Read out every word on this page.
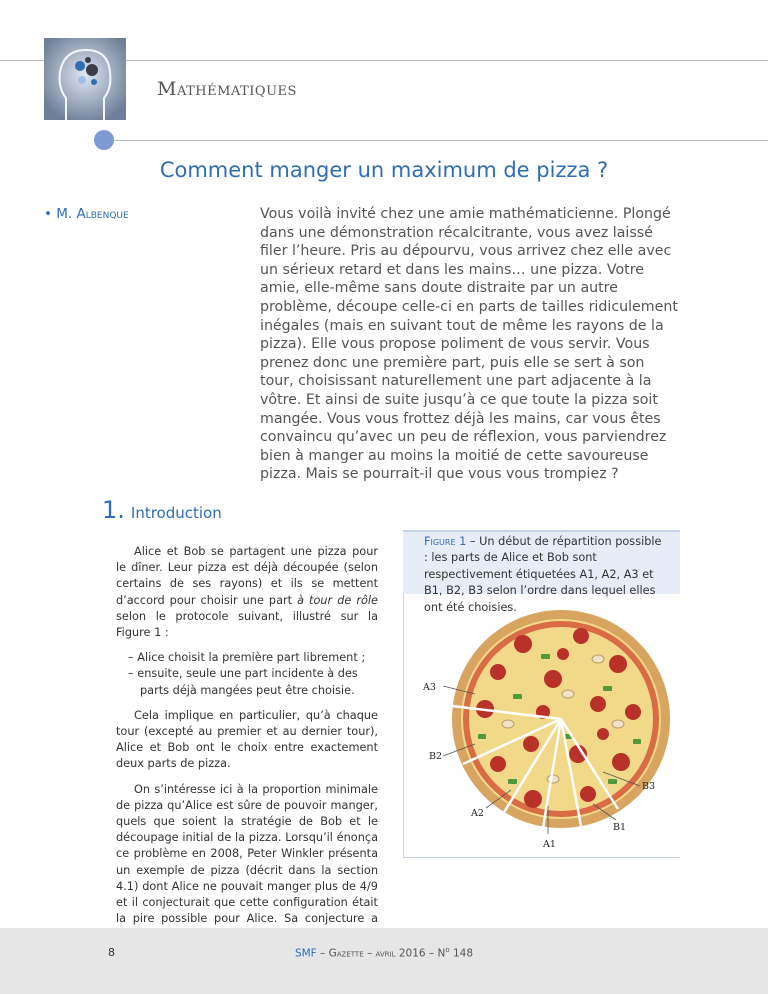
Mathématiques
Comment manger un maximum de pizza ?
• M. Albenque	Vous voilà invité chez une amie mathématicienne. Plongé dans une démonstration récalcitrante, vous avez laissé filer l’heure. Pris au dépourvu, vous arrivez chez elle avec un sérieux retard et dans les mains… une pizza. Votre amie, elle-même sans doute distraite par un autre problème, découpe celle-ci en parts de tailles ridiculement inégales (mais en suivant tout de même les rayons de la pizza). Elle vous propose poliment de vous servir. Vous prenez donc une première part, puis elle se sert à son tour, choisissant naturellement une part adjacente à la vôtre. Et ainsi de suite jusqu’à ce que toute la pizza soit mangée. Vous vous frottez déjà les mains, car vous êtes convaincu qu’avec un peu de réflexion, vous parviendrez bien à manger au moins la moitié de cette savoureuse pizza. Mais se pourrait-il que vous vous trompiez ?

1. Introduction

Alice et Bob se partagent une pizza pour le dîner. Leur pizza est déjà découpée (selon certains de ses rayons) et ils se mettent d’accord pour choisir une part à tour de rôle selon le protocole suivant, illustré sur la Figure 1 :

– Alice choisit la première part librement ;
– ensuite, seule une part incidente à des parts déjà mangées peut être choisie.

Cela implique en particulier, qu’à chaque tour (excepté au premier et au dernier tour), Alice et Bob ont le choix entre exactement deux parts de pizza.

On s’intéresse ici à la proportion minimale de pizza qu’Alice est sûre de pouvoir manger, quels que soient la stratégie de Bob et le découpage initial de la pizza. Lorsqu’il énonça ce problème en 2008, Peter Winkler présenta un exemple de pizza (décrit dans la section 4.1) dont Alice ne pouvait manger plus de 4/9 et il conjecturait que cette configuration était la pire possible pour Alice. Sa conjecture a

Figure 1 – Un début de répartition possible : les parts de Alice et Bob sont respectivement étiquetées A1, A2, A3 et B1, B2, B3 selon l’ordre dans lequel elles ont été choisies.
A3
B2
B3
A2
B1
A1
8	SMF – Gazette – avril $2016 - N^o$ 148
